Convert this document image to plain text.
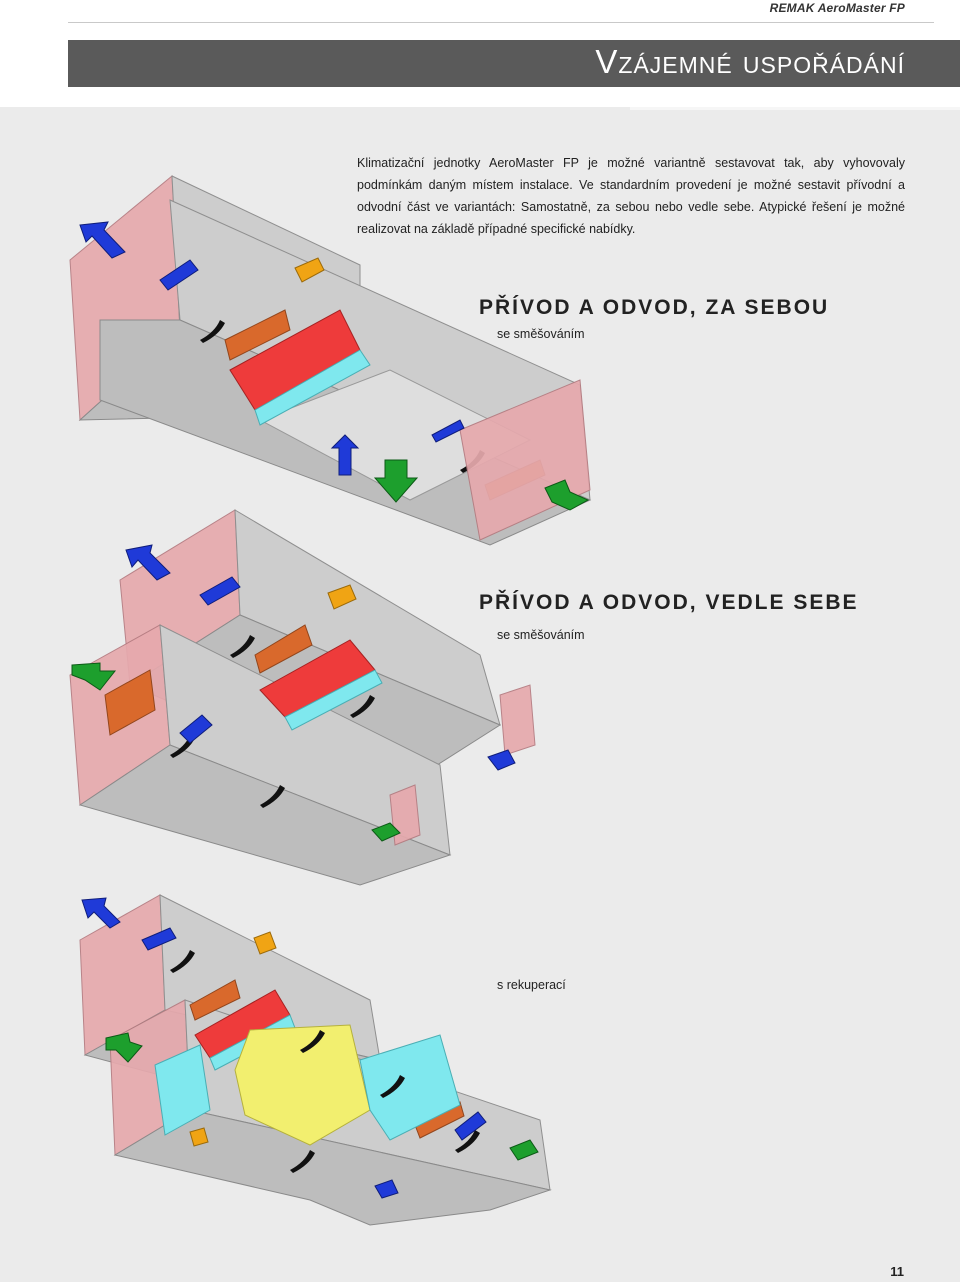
REMAK AeroMaster FP
Vzájemné uspořádání
Klimatizační jednotky AeroMaster FP je možné variantně sestavovat tak, aby vyhovovaly podmínkám daným místem instalace. Ve standardním provedení je možné sestavit přívodní a odvodní část ve variantách: Samostatně, za sebou nebo vedle sebe. Atypické řešení je možné realizovat na základě případné specifické nabídky.
PŘÍVOD A ODVOD, ZA SEBOU
se směšováním
PŘÍVOD A ODVOD, VEDLE SEBE
se směšováním
s rekuperací
11
